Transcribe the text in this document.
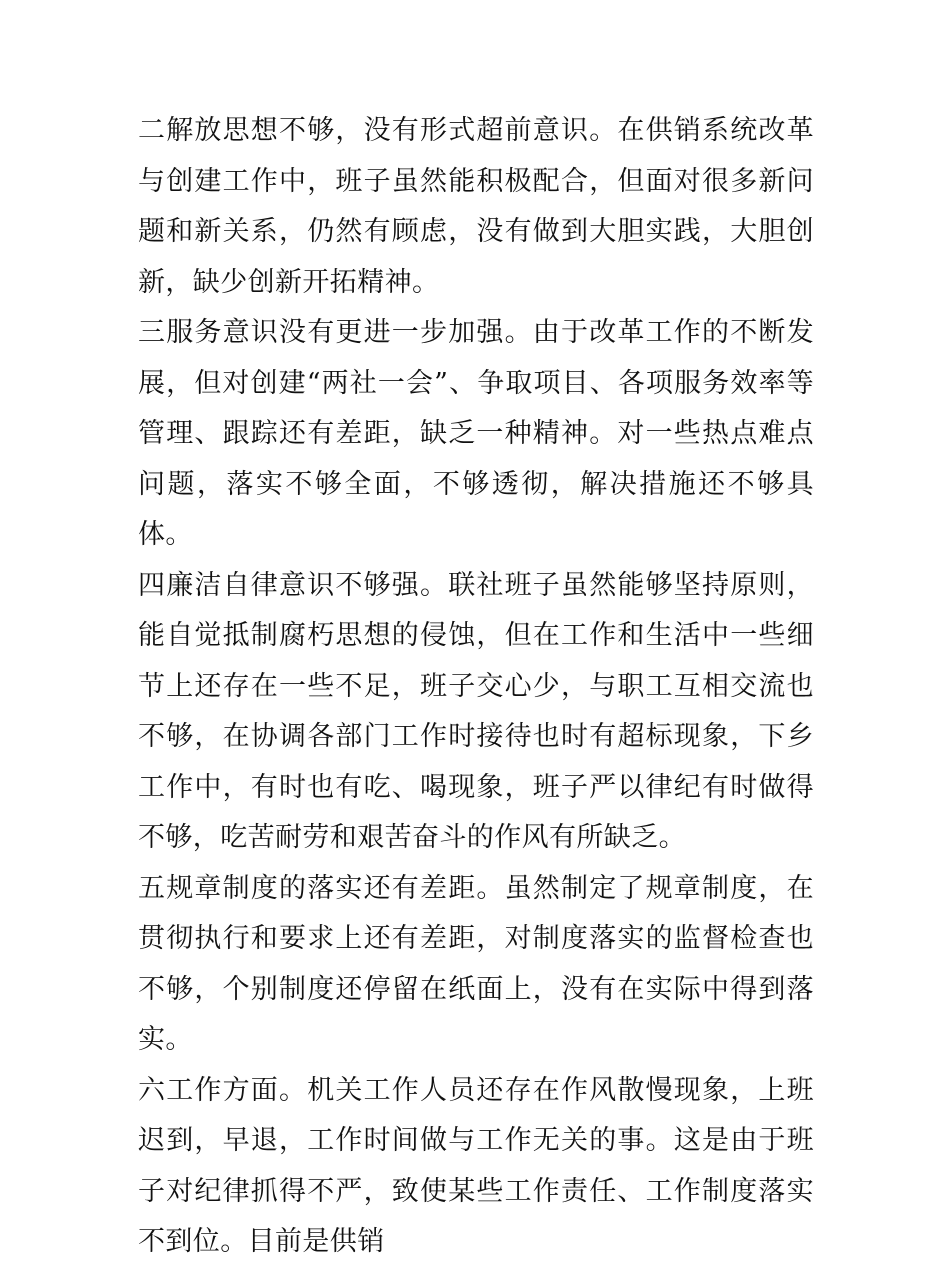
二解放思想不够，没有形式超前意识。在供销系统改革与创建工作中，班子虽然能积极配合，但面对很多新问题和新关系，仍然有顾虑，没有做到大胆实践，大胆创新，缺少创新开拓精神。

三服务意识没有更进一步加强。由于改革工作的不断发展，但对创建“两社一会”、争取项目、各项服务效率等管理、跟踪还有差距，缺乏一种精神。对一些热点难点问题，落实不够全面，不够透彻，解决措施还不够具体。

四廉洁自律意识不够强。联社班子虽然能够坚持原则，能自觉抵制腐朽思想的侵蚀，但在工作和生活中一些细节上还存在一些不足，班子交心少，与职工互相交流也不够，在协调各部门工作时接待也时有超标现象，下乡工作中，有时也有吃、喝现象，班子严以律纪有时做得不够，吃苦耐劳和艰苦奋斗的作风有所缺乏。

五规章制度的落实还有差距。虽然制定了规章制度，在贯彻执行和要求上还有差距，对制度落实的监督检查也不够，个别制度还停留在纸面上，没有在实际中得到落实。

六工作方面。机关工作人员还存在作风散慢现象，上班迟到，早退，工作时间做与工作无关的事。这是由于班子对纪律抓得不严，致使某些工作责任、工作制度落实不到位。目前是供销
